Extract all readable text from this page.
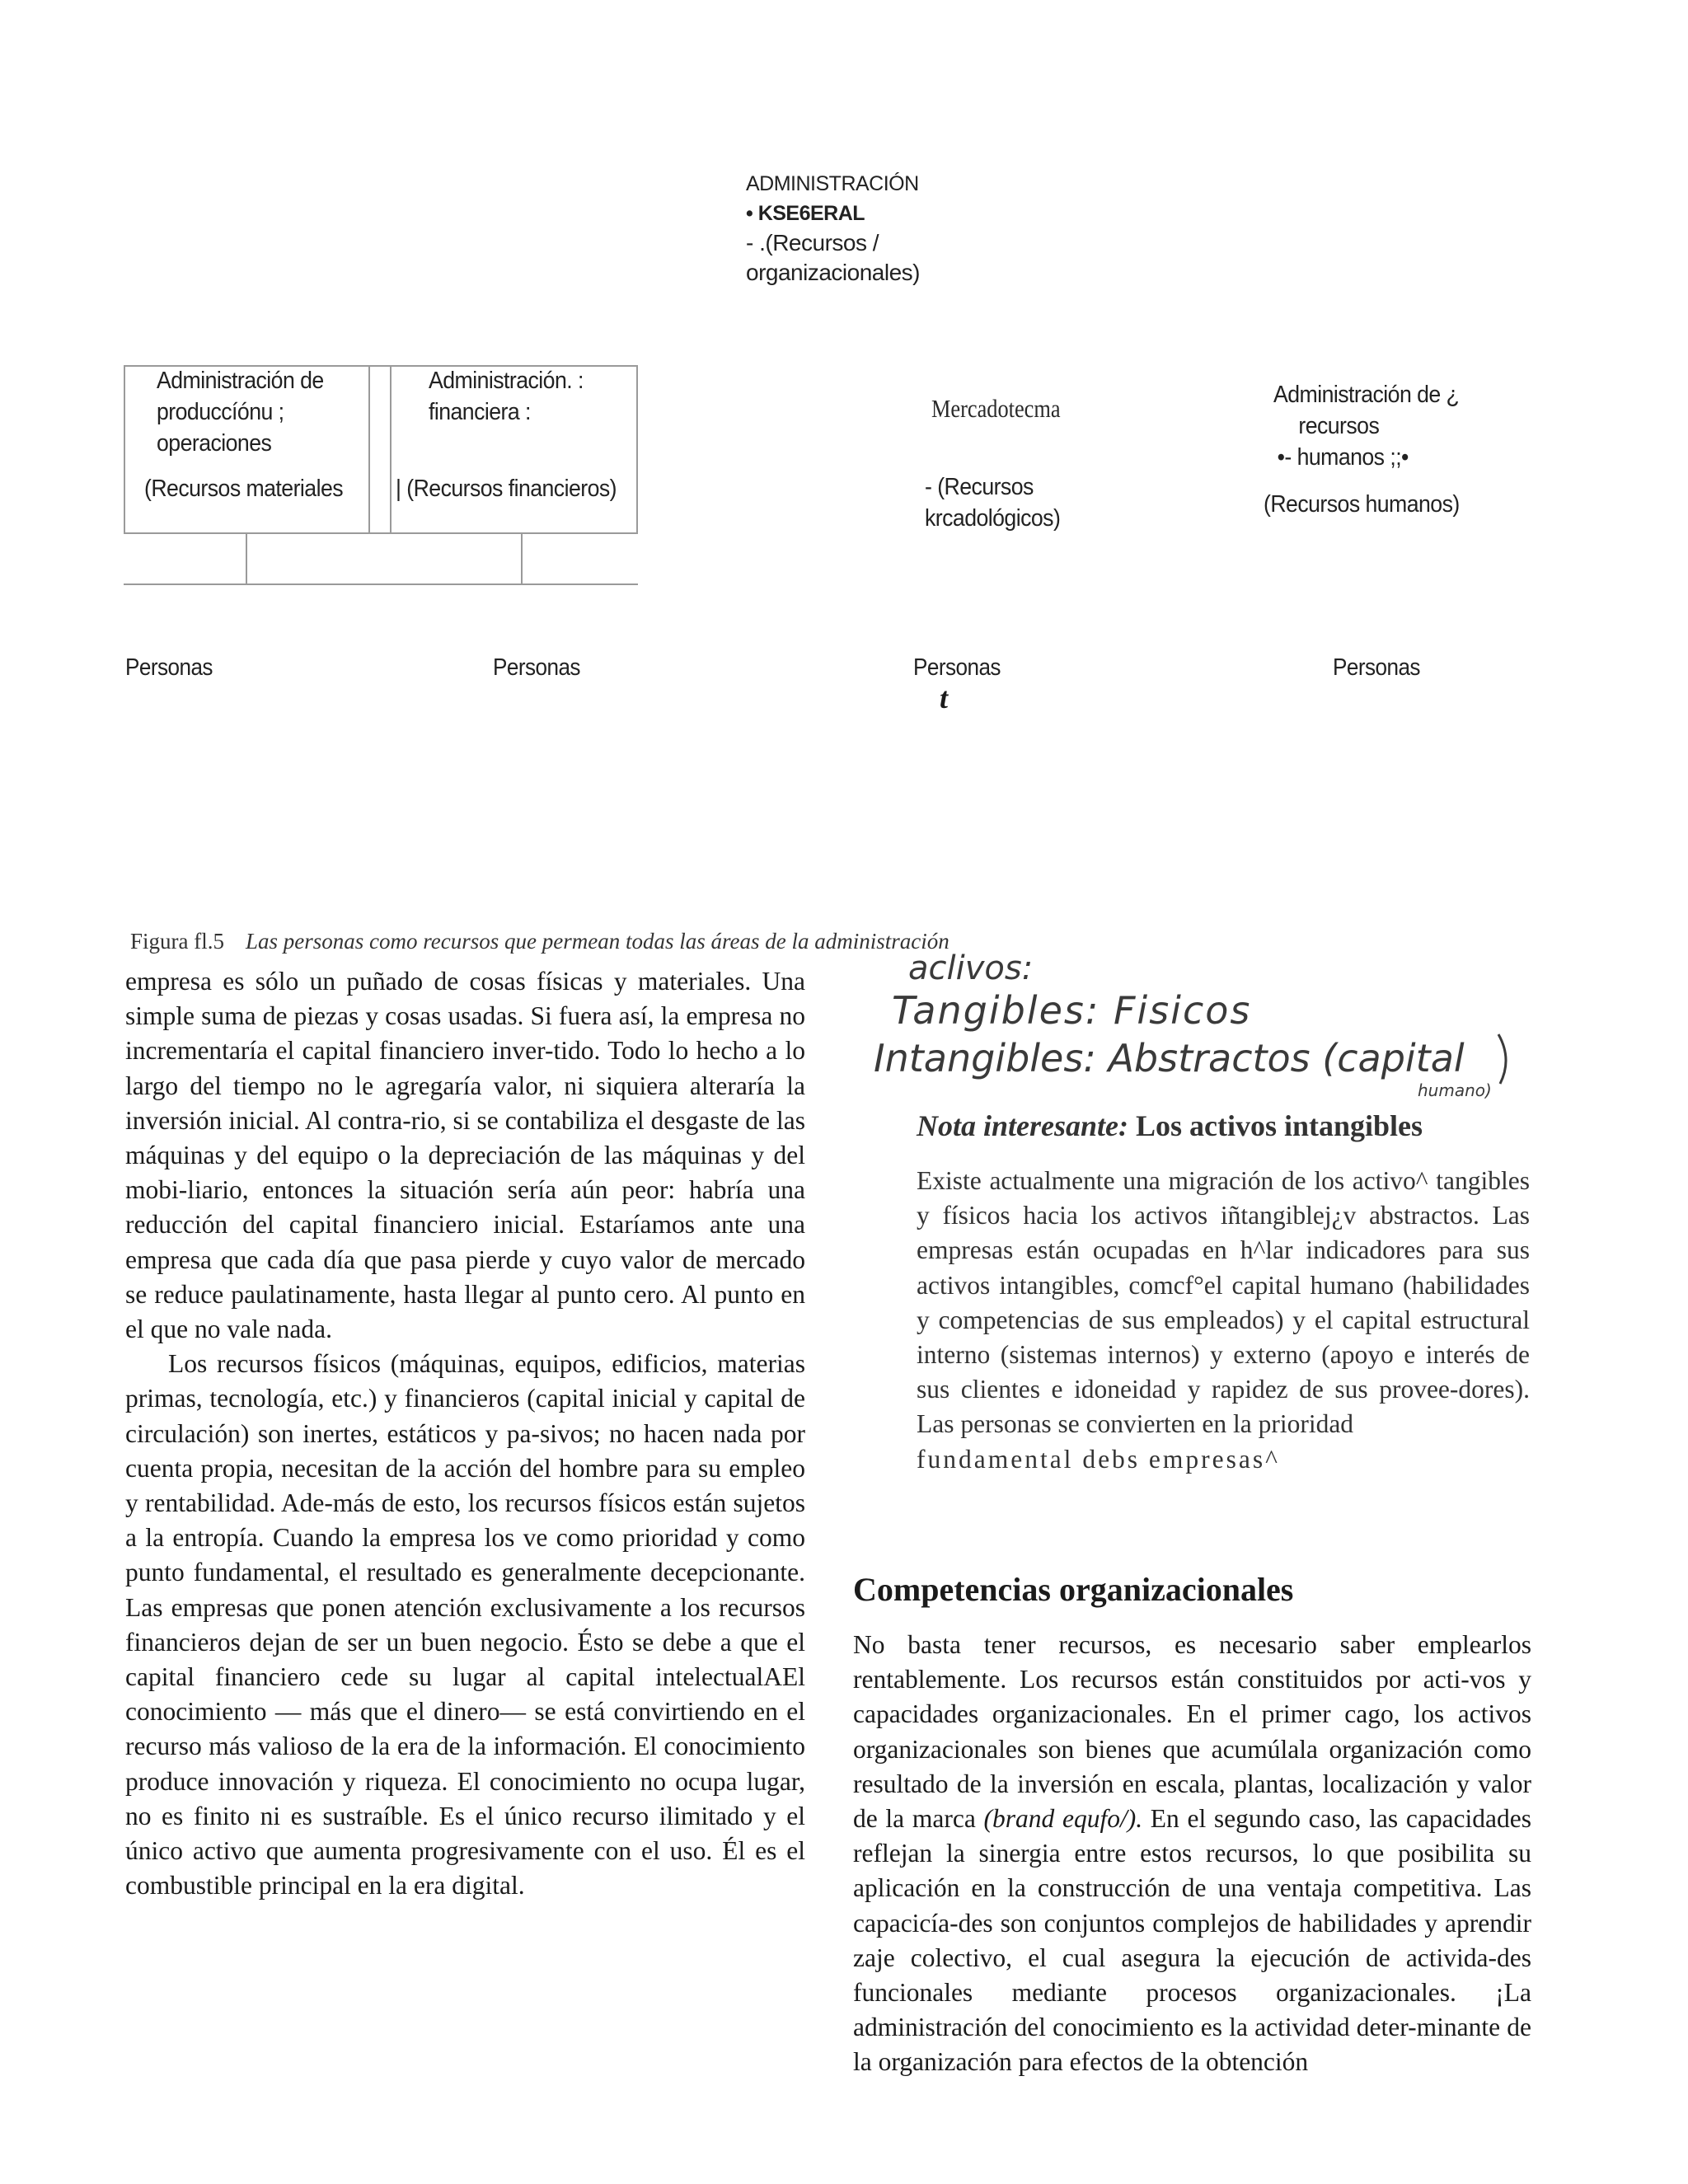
ADMINISTRACIÓN
• KSE6ERAL
- .(Recursos /
organizacionales)
Administración de
produccíónu ;
operaciones
(Recursos materiales
Administración. :
financiera :
| (Recursos financieros)
Mercadotecma
- (Recursos
krcadológicos)
Administración de ¿
recursos
•- humanos ;;•
(Recursos humanos)
Personas	Personas	Personas	Personas
t
Figura fl.5 Las personas como recursos que permean todas las áreas de la administración

empresa es sólo un puñado de cosas físicas y materiales. Una simple suma de piezas y cosas usadas. Si fuera así, la empresa no incrementaría el capital financiero inver-tido. Todo lo hecho a lo largo del tiempo no le agregaría valor, ni siquiera alteraría la inversión inicial. Al contra-rio, si se contabiliza el desgaste de las máquinas y del equipo o la depreciación de las máquinas y del mobi-liario, entonces la situación sería aún peor: habría una reducción del capital financiero inicial. Estaríamos ante una empresa que cada día que pasa pierde y cuyo valor de mercado se reduce paulatinamente, hasta llegar al punto cero. Al punto en el que no vale nada.

Los recursos físicos (máquinas, equipos, edificios, materias primas, tecnología, etc.) y financieros (capital inicial y capital de circulación) son inertes, estáticos y pa-sivos; no hacen nada por cuenta propia, necesitan de la acción del hombre para su empleo y rentabilidad. Ade-más de esto, los recursos físicos están sujetos a la entropía. Cuando la empresa los ve como prioridad y como punto fundamental, el resultado es generalmente decepcionante. Las empresas que ponen atención exclusivamente a los recursos financieros dejan de ser un buen negocio. Ésto se debe a que el capital financiero cede su lugar al capital intelectualAEl conocimiento — más que el dinero— se está convirtiendo en el recurso más valioso de la era de la información. El conocimiento produce innovación y riqueza. El conocimiento no ocupa lugar, no es finito ni es sustraíble. Es el único recurso ilimitado y el único activo que aumenta progresivamente con el uso. Él es el combustible principal en la era digital.

aclivos:
Tangibles: Fisicos
Intangibles: Abstractos (capital
humano)
Nota interesante: Los activos intangibles

Existe actualmente una migración de los activo^ tangibles y físicos hacia los activos iñtangiblej¿v abstractos. Las empresas están ocupadas en h^lar indicadores para sus activos intangibles, comcf°el capital humano (habilidades y competencias de sus empleados) y el capital estructural interno (sistemas internos) y externo (apoyo e interés de sus clientes e idoneidad y rapidez de sus provee-dores). Las personas se convierten en la prioridad

fundamental debs empresas^

Competencias organizacionales

No basta tener recursos, es necesario saber emplearlos rentablemente. Los recursos están constituidos por acti-vos y capacidades organizacionales. En el primer cago, los activos organizacionales son bienes que acumúlala organización como resultado de la inversión en escala, plantas, localización y valor de la marca (brand equfo/). En el segundo caso, las capacidades reflejan la sinergia entre estos recursos, lo que posibilita su aplicación en la construcción de una ventaja competitiva. Las capacicía-des son conjuntos complejos de habilidades y aprendir zaje colectivo, el cual asegura la ejecución de activida-des funcionales mediante procesos organizacionales. ¡La administración del conocimiento es la actividad deter-minante de la organización para efectos de la obtención
